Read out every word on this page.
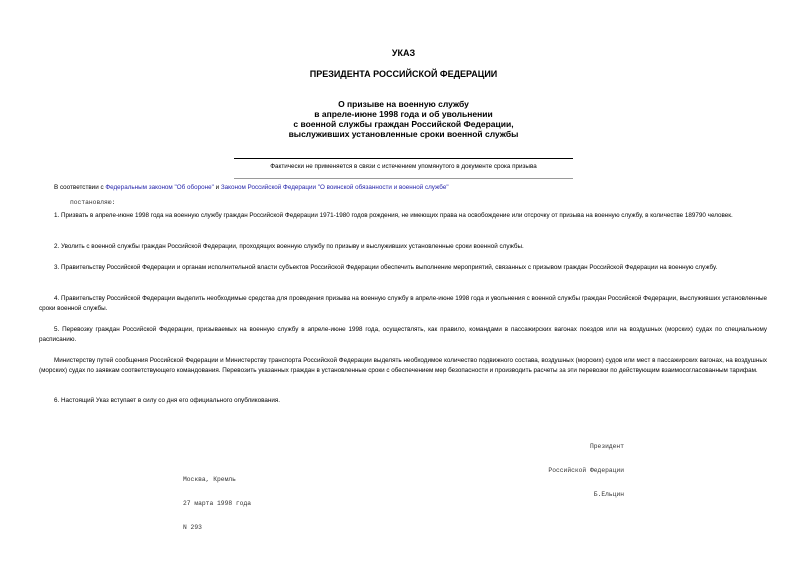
УКАЗ
ПРЕЗИДЕНТА РОССИЙСКОЙ ФЕДЕРАЦИИ
О призыве на военную службу
в апреле-июне 1998 года и об увольнении
с военной службы граждан Российской Федерации,
выслуживших установленные сроки военной службы
Фактически не применяется в связи с истечением упомянутого в документе срока призыва

В соответствии с Федеральным законом "Об обороне" и Законом Российской Федерации "О воинской обязанности и военной службе"

постановляю:

1. Призвать в апреле-июне 1998 года на военную службу граждан Российской Федерации 1971-1980 годов рождения, не имеющих права на освобождение или отсрочку от призыва на военную службу, в количестве 189790 человек.

2. Уволить с военной службы граждан Российской Федерации, проходящих военную службу по призыву и выслуживших установленные сроки военной службы.

3. Правительству Российской Федерации и органам исполнительной власти субъектов Российской Федерации обеспечить выполнение мероприятий, связанных с призывом граждан Российской Федерации на военную службу.

4. Правительству Российской Федерации выделить необходимые средства для проведения призыва на военную службу в апреле-июне 1998 года и увольнения с военной службы граждан Российской Федерации, выслуживших установленные сроки военной службы.

5. Перевозку граждан Российской Федерации, призываемых на военную службу в апреле-июне 1998 года, осуществлять, как правило, командами в пассажирских вагонах поездов или на воздушных (морских) судах по специальному расписанию.

Министерству путей сообщения Российской Федерации и Министерству транспорта Российской Федерации выделять необходимое количество подвижного состава, воздушных (морских) судов или мест в пассажирских вагонах, на воздушных (морских) судах по заявкам соответствующего командования. Перевозить указанных граждан в установленные сроки с обеспечением мер безопасности и производить расчеты за эти перевозки по действующим взаимосогласованным тарифам.

6. Настоящий Указ вступает в силу со дня его официального опубликования.

Президент

Российской Федерации

Б.Ельцин

Москва, Кремль

27 марта 1998 года

N 293
